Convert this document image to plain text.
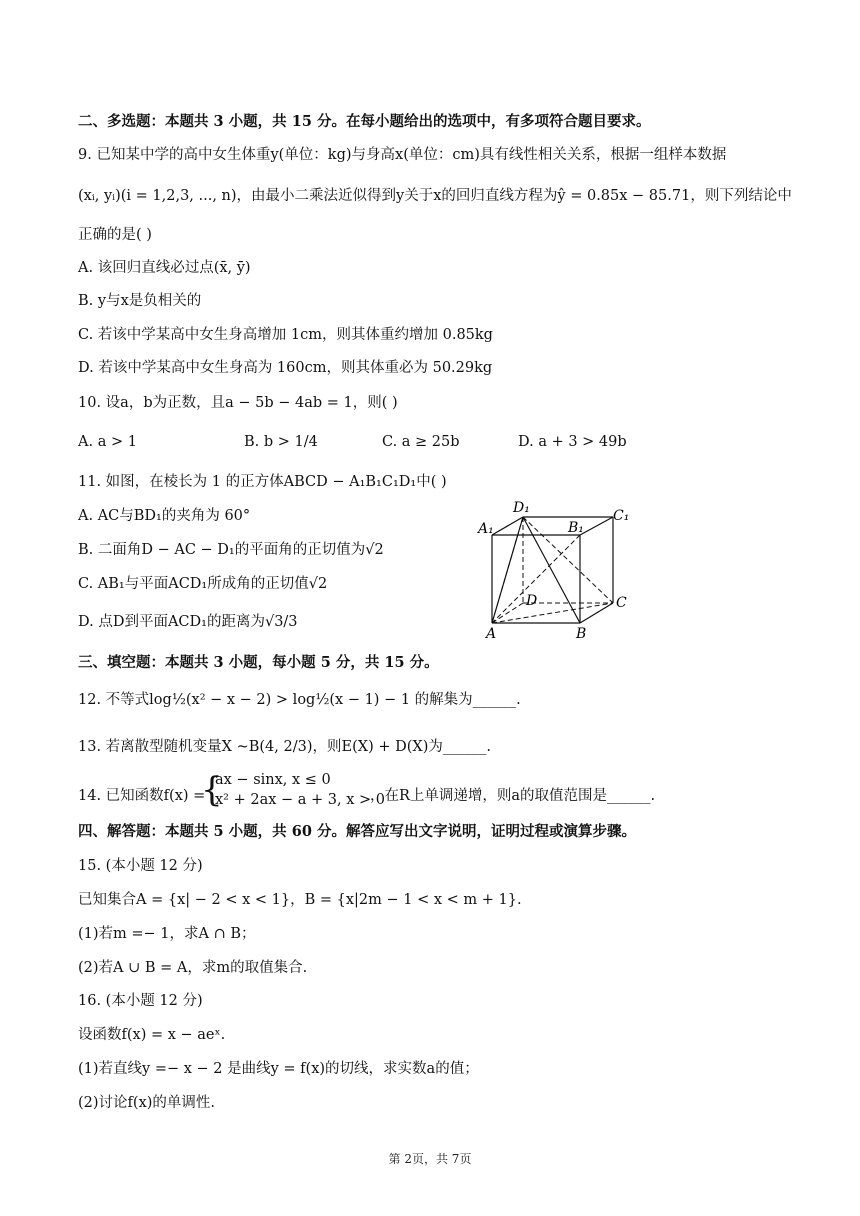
二、多选题：本题共 3 小题，共 15 分。在每小题给出的选项中，有多项符合题目要求。
9. 已知某中学的高中女生体重y(单位：kg)与身高x(单位：cm)具有线性相关关系，根据一组样本数据
(xᵢ, yᵢ)(i = 1,2,3, ..., n)，由最小二乘法近似得到y关于x的回归直线方程为ŷ = 0.85x − 85.71，则下列结论中
正确的是( )
A. 该回归直线必过点(x̄, ȳ)
B. y与x是负相关的
C. 若该中学某高中女生身高增加 1cm，则其体重约增加 0.85kg
D. 若该中学某高中女生身高为 160cm，则其体重必为 50.29kg
10. 设a，b为正数，且a − 5b − 4ab = 1，则( )
A. a > 1	B. b > 1/4	C. a ≥ 25b	D. a + 3 > 49b
11. 如图，在棱长为 1 的正方体ABCD − A₁B₁C₁D₁中( )
A. AC与BD₁的夹角为 60°
B. 二面角D − AC − D₁的平面角的正切值为√2
C. AB₁与平面ACD₁所成角的正切值√2
D. 点D到平面ACD₁的距离为√3/3
D₁	C₁
A₁	B₁
D	C
A	B
三、填空题：本题共 3 小题，每小题 5 分，共 15 分。
12. 不等式log½(x² − x − 2) > log½(x − 1) − 1 的解集为______.
13. 若离散型随机变量X ~B(4, 2/3)，则E(X) + D(X)为______.
14. 已知函数f(x) =
{
ax − sinx, x ≤ 0
x² + 2ax − a + 3, x > 0
，在R上单调递增，则a的取值范围是______.
四、解答题：本题共 5 小题，共 60 分。解答应写出文字说明，证明过程或演算步骤。
15. (本小题 12 分)
已知集合A = {x| − 2 < x < 1}，B = {x|2m − 1 < x < m + 1}.
(1)若m =− 1，求A ∩ B；
(2)若A ∪ B = A，求m的取值集合.
16. (本小题 12 分)
设函数f(x) = x − aeˣ.
(1)若直线y =− x − 2 是曲线y = f(x)的切线，求实数a的值；
(2)讨论f(x)的单调性.
第 2页，共 7页
